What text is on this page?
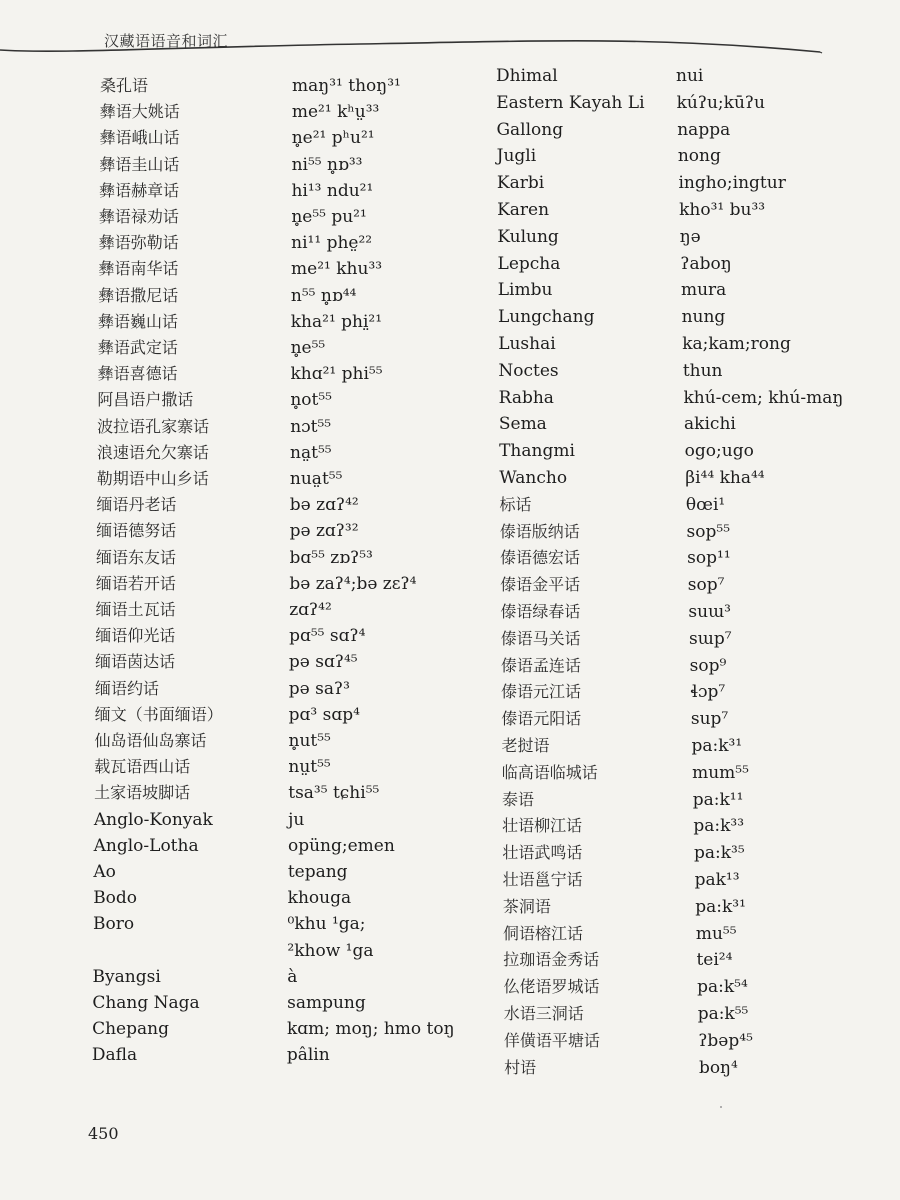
汉藏语语音和词汇
桑孔语
彝语大姚话
彝语峨山话
彝语圭山话
彝语赫章话
彝语禄劝话
彝语弥勒话
彝语南华话
彝语撒尼话
彝语巍山话
彝语武定话
彝语喜德话
阿昌语户撒话
波拉语孔家寨话
浪速语允欠寨话
勒期语中山乡话
缅语丹老话
缅语德努话
缅语东友话
缅语若开话
缅语土瓦话
缅语仰光话
缅语茵达话
缅语约话
缅文（书面缅语）
仙岛语仙岛寨话
载瓦语西山话
土家语坡脚话
Anglo-Konyak
Anglo-Lotha
Ao
Bodo
Boro
Byangsi
Chang Naga
Chepang
Dafla
maŋ³¹ thoŋ³¹
me²¹ kʰṳ³³
n̥e²¹ pʰu²¹
ni⁵⁵ n̥ɒ³³
hi¹³ ndu²¹
n̥e⁵⁵ pu²¹
ni¹¹ phe̤²²
me²¹ khu³³
n⁵⁵ n̥ɒ⁴⁴
kha²¹ phi̤²¹
n̥e⁵⁵
khɑ²¹ phi⁵⁵
n̥ot⁵⁵
nɔt⁵⁵
na̤t⁵⁵
nua̤t⁵⁵
bə zɑʔ⁴²
pə zɑʔ³²
bɑ⁵⁵ zɒʔ⁵³
bə zaʔ⁴;bə zɛʔ⁴
zɑʔ⁴²
pɑ⁵⁵ sɑʔ⁴
pə sɑʔ⁴⁵
pə saʔ³
pɑ³ sɑp⁴
n̥ut⁵⁵
nṳt⁵⁵
tsa³⁵ tɕhi⁵⁵
ju
opüng;emen
tepang
khouga
⁰khu ¹ga;
²khow ¹ga
à
sampung
kɑm; moŋ; hmo toŋ
pâlin
Dhimal
Eastern Kayah Li
Gallong
Jugli
Karbi
Karen
Kulung
Lepcha
Limbu
Lungchang
Lushai
Noctes
Rabha
Sema
Thangmi
Wancho
标话
傣语版纳话
傣语德宏话
傣语金平话
傣语绿春话
傣语马关话
傣语孟连话
傣语元江话
傣语元阳话
老挝语
临高语临城话
泰语
壮语柳江话
壮语武鸣话
壮语邕宁话
茶洞语
侗语榕江话
拉珈语金秀话
仫佬语罗城话
水语三洞话
佯僙语平塘话
村语
nui
kúʔu;kūʔu
nappa
nong
ingho;ingtur
kho³¹ bu³³
ŋə
ʔaboŋ
mura
nung
ka;kam;rong
thun
khú-cem; khú-maŋ
akichi
ogo;ugo
βi⁴⁴ kha⁴⁴
θœi¹
sop⁵⁵
sop¹¹
sop⁷
suɯ³
sɯp⁷
sop⁹
ɬɔp⁷
sup⁷
pa:k³¹
mum⁵⁵
pa:k¹¹
pa:k³³
pa:k³⁵
pak¹³
pa:k³¹
mu⁵⁵
tei²⁴
pa:k⁵⁴
pa:k⁵⁵
ʔbəp⁴⁵
boŋ⁴
450
